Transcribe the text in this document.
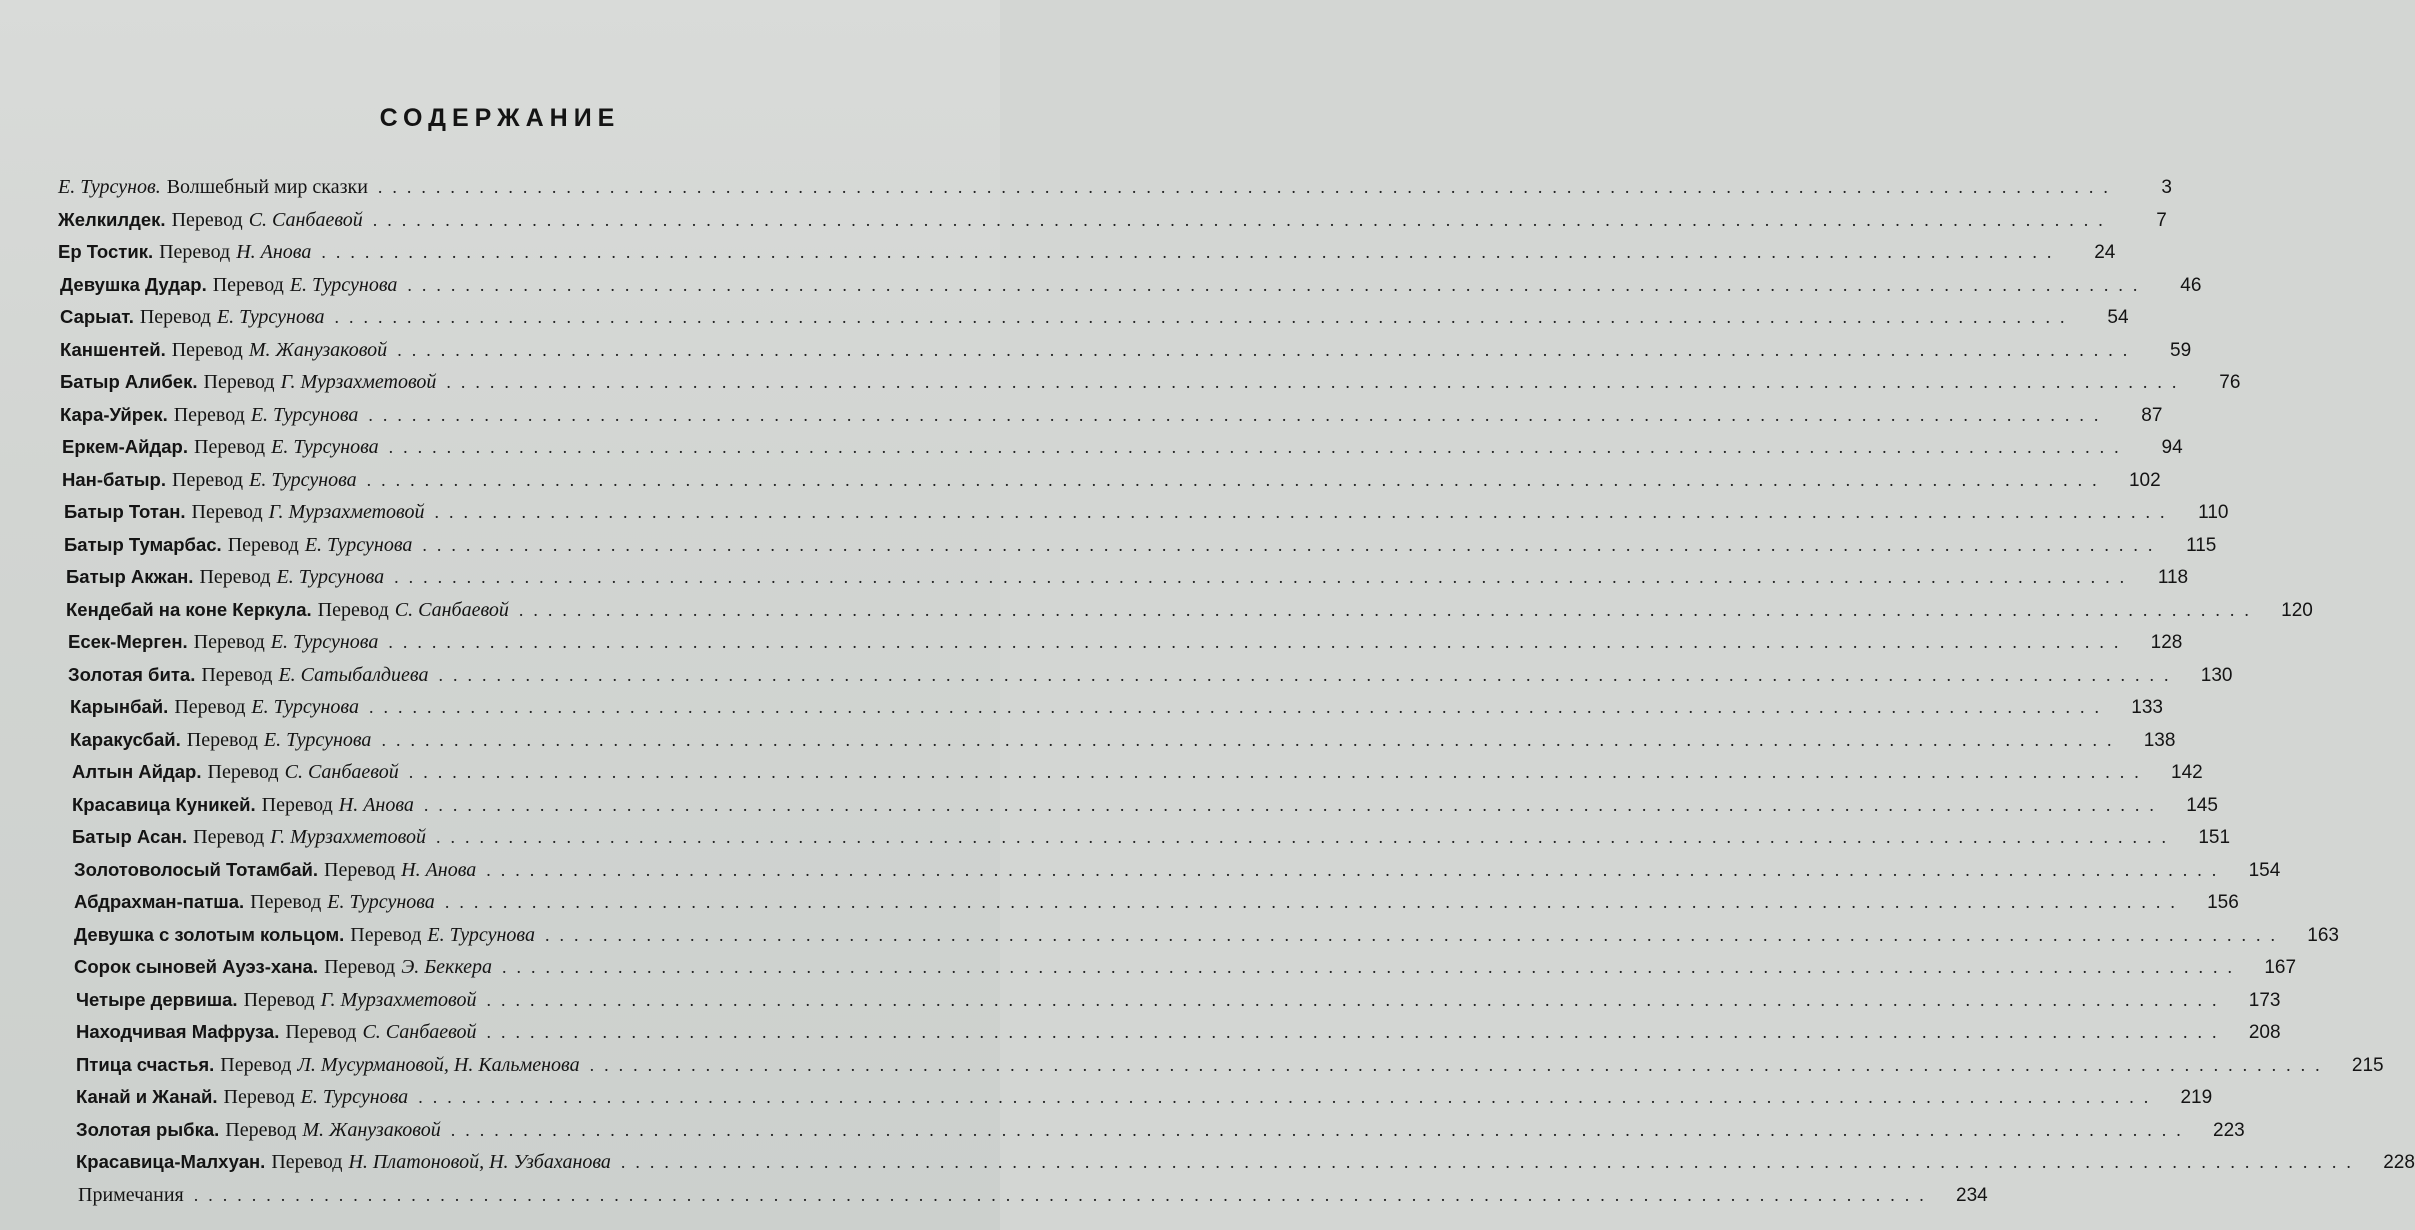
СОДЕРЖАНИЕ
Е. Турсунов. Волшебный мир сказки ........................................................................................................................	3
Желкилдек. Перевод С. Санбаевой ........................................................................................................................	7
Ер Тостик. Перевод Н. Анова ........................................................................................................................	24
Девушка Дудар. Перевод Е. Турсунова ........................................................................................................................	46
Сарыат. Перевод Е. Турсунова ........................................................................................................................	54
Каншентей. Перевод М. Жанузаковой ........................................................................................................................	59
Батыр Алибек. Перевод Г. Мурзахметовой ........................................................................................................................	76
Кара-Уйрек. Перевод Е. Турсунова ........................................................................................................................	87
Еркем-Айдар. Перевод Е. Турсунова ........................................................................................................................	94
Нан-батыр. Перевод Е. Турсунова ........................................................................................................................	102
Батыр Тотан. Перевод Г. Мурзахметовой ........................................................................................................................	110
Батыр Тумарбас. Перевод Е. Турсунова ........................................................................................................................	115
Батыр Акжан. Перевод Е. Турсунова ........................................................................................................................	118
Кендебай на коне Керкула. Перевод С. Санбаевой ........................................................................................................................	120
Есек-Мерген. Перевод Е. Турсунова ........................................................................................................................	128
Золотая бита. Перевод Е. Сатыбалдиева ........................................................................................................................	130
Карынбай. Перевод Е. Турсунова ........................................................................................................................	133
Каракусбай. Перевод Е. Турсунова ........................................................................................................................	138
Алтын Айдар. Перевод С. Санбаевой ........................................................................................................................	142
Красавица Куникей. Перевод Н. Анова ........................................................................................................................	145
Батыр Асан. Перевод Г. Мурзахметовой ........................................................................................................................	151
Золотоволосый Тотамбай. Перевод Н. Анова ........................................................................................................................	154
Абдрахман-патша. Перевод Е. Турсунова ........................................................................................................................	156
Девушка с золотым кольцом. Перевод Е. Турсунова ........................................................................................................................	163
Сорок сыновей Ауэз-хана. Перевод Э. Беккера ........................................................................................................................	167
Четыре дервиша. Перевод Г. Мурзахметовой ........................................................................................................................	173
Находчивая Мафруза. Перевод С. Санбаевой ........................................................................................................................	208
Птица счастья. Перевод Л. Мусурмановой, Н. Кальменова ........................................................................................................................	215
Канай и Жанай. Перевод Е. Турсунова ........................................................................................................................	219
Золотая рыбка. Перевод М. Жанузаковой ........................................................................................................................	223
Красавица-Малхуан. Перевод Н. Платоновой, Н. Узбаханова ........................................................................................................................	228
Примечания ........................................................................................................................	234
